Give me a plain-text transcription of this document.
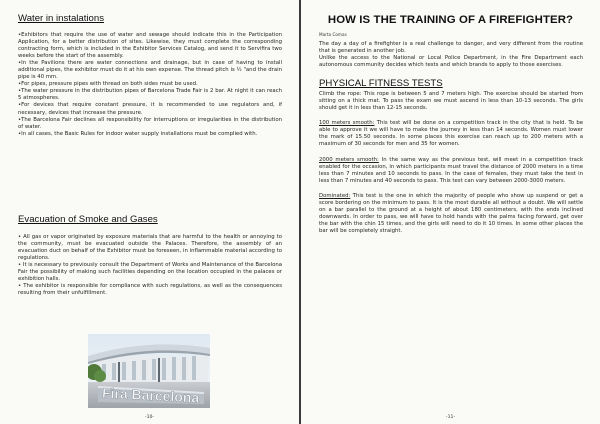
Water in instalations

•Exhibitors that require the use of water and sewage should indicate this in the Participation Application, for a better distribution of sites. Likewise, they must complete the corresponding contracting form, which is included in the Exhibitor Services Catalog, and send it to Servifira two weeks before the start of the assembly.

•In the Pavilions there are water connections and drainage, but in case of having to install additional pipes, the exhibitor must do it at his own expense. The thread pitch is ½ "and the drain pipe is 40 mm.

•For pipes, pressure pipes with thread on both sides must be used.

•The water pressure in the distribution pipes of Barcelona Trade Fair is 2 bar. At night it can reach 5 atmospheres.

•For devices that require constant pressure, it is recommended to use regulators and, if necessary, devices that increase the pressure.

•The Barcelona Fair declines all responsibility for interruptions or irregularities in the distribution of water.

•In all cases, the Basic Rules for indoor water supply installations must be complied with.

Evacuation of Smoke and Gases

• All gas or vapor originated by exposure materials that are harmful to the health or annoying to the community, must be evacuated outside the Palaces. Therefore, the assembly of an evacuation duct on behalf of the Exhibitor must be foreseen, in inflammable material according to regulations.

• It is necessary to previously consult the Department of Works and Maintenance of the Barcelona Fair the possibility of making such facilities depending on the location occupied in the palaces or exhibition halls.

• The exhibitor is responsible for compliance with such regulations, as well as the consequences resulting from their unfulfillment.

Fira Barcelona
-10-
HOW IS THE TRAINING OF A FIREFIGHTER?
Marta Comas

The day a day of a firefighter is a real challenge to danger, and very different from the routine that is generated in another job.

Unlike the access to the National or Local Police Department, in the Fire Department each autonomous community decides which tests and which brands to apply to those exercises.

PHYSICAL FITNESS TESTS

Climb the rope: This rope is between 5 and 7 meters high. The exercise should be started from sitting on a thick mat. To pass the exam we must ascend in less than 10-13 seconds. The girls should get it in less than 12-15 seconds.

100 meters smooth: This test will be done on a competition track in the city that is held. To be able to approve it we will have to make the journey in less than 14 seconds. Women must lower the mark of 15.50 seconds. In some places this exercise can reach up to 200 meters with a maximum of 30 seconds for men and 35 for women.

2000 meters smooth: In the same way as the previous test, will meet in a competition track enabled for the occasion, in which participants must travel the distance of 2000 meters in a time less than 7 minutes and 10 seconds to pass. In the case of females, they must take the test in less than 7 minutes and 40 seconds to pass. This test can vary between 2000-3000 meters.

Dominated: This test is the one in which the majority of people who show up suspend or get a score bordering on the minimum to pass. It is the most durable all without a doubt. We will settle on a bar parallel to the ground at a height of about 180 centimeters, with the ends inclined downwards. In order to pass, we will have to hold hands with the palms facing forward, get over the bar with the chin 15 times, and the girls will need to do it 10 times. In some other places the bar will be completely straight.

-11-
